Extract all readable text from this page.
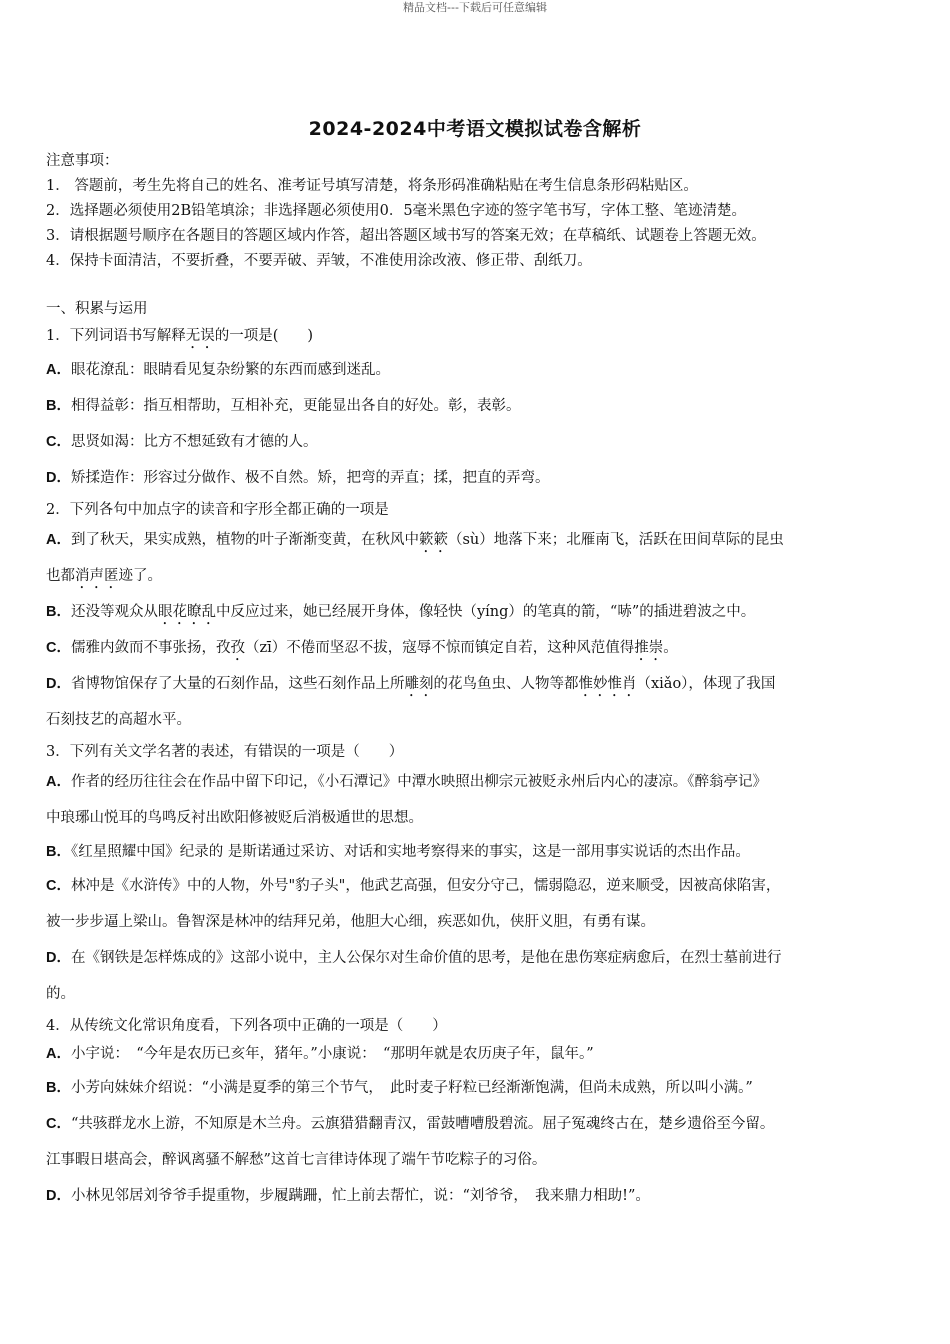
精品文档---下载后可任意编辑
2024-2024中考语文模拟试卷含解析
注意事项：
1． 答题前，考生先将自己的姓名、准考证号填写清楚，将条形码准确粘贴在考生信息条形码粘贴区。
2．选择题必须使用2B铅笔填涂；非选择题必须使用0．5毫米黑色字迹的签字笔书写，字体工整、笔迹清楚。
3．请根据题号顺序在各题目的答题区域内作答，超出答题区域书写的答案无效；在草稿纸、试题卷上答题无效。
4．保持卡面清洁，不要折叠，不要弄破、弄皱，不准使用涂改液、修正带、刮纸刀。
一、积累与运用
1．下列词语书写解释无误的一项是(　　)
A．眼花潦乱：眼睛看见复杂纷繁的东西而感到迷乱。
B．相得益彰：指互相帮助，互相补充，更能显出各自的好处。彰，表彰。
C．思贤如渴：比方不想延致有才德的人。
D．矫揉造作：形容过分做作、极不自然。矫，把弯的弄直；揉，把直的弄弯。
2．下列各句中加点字的读音和字形全都正确的一项是
A．到了秋天，果实成熟，植物的叶子渐渐变黄，在秋风中簌簌（sù）地落下来；北雁南飞，活跃在田间草际的昆虫
也都消声匿迹了。
B．还没等观众从眼花瞭乱中反应过来，她已经展开身体，像轻快（yíng）的笔真的箭，“哧”的插进碧波之中。
C．儒雅内敛而不事张扬，孜孜（zī）不倦而坚忍不拔，寇辱不惊而镇定自若，这种风范值得推崇。
D．省博物馆保存了大量的石刻作品，这些石刻作品上所雕刻的花鸟鱼虫、人物等都惟妙惟肖（xiǎo），体现了我国
石刻技艺的高超水平。
3．下列有关文学名著的表述，有错误的一项是（　　）
A．作者的经历往往会在作品中留下印记，《小石潭记》中潭水映照出柳宗元被贬永州后内心的凄凉。《醉翁亭记》
中琅琊山悦耳的鸟鸣反衬出欧阳修被贬后消极遁世的思想。
B．《红星照耀中国》纪录的 是斯诺通过采访、对话和实地考察得来的事实，这是一部用事实说话的杰出作品。
C．林冲是《水浒传》中的人物，外号"豹子头"，他武艺高强，但安分守己，懦弱隐忍，逆来顺受，因被高俅陷害，
被一步步逼上梁山。鲁智深是林冲的结拜兄弟，他胆大心细，疾恶如仇，侠肝义胆，有勇有谋。
D．在《钢铁是怎样炼成的》这部小说中，主人公保尔对生命价值的思考，是他在患伤寒症病愈后，在烈士墓前进行
的。
4．从传统文化常识角度看，下列各项中正确的一项是（　　）
A．小宇说：　“今年是农历已亥年，猪年。”小康说：　“那明年就是农历庚子年，鼠年。”
B．小芳向妹妹介绍说：“小满是夏季的第三个节气，　此时麦子籽粒已经渐渐饱满，但尚未成熟，所以叫小满。”
C．“共骇群龙水上游，不知原是木兰舟。云旗猎猎翻青汉，雷鼓嘈嘈殷碧流。屈子冤魂终古在，楚乡遗俗至今留。
江事暇日堪高会，醉讽离骚不解愁”这首七言律诗体现了端午节吃粽子的习俗。
D．小林见邻居刘爷爷手提重物，步履蹒跚，忙上前去帮忙，说：“刘爷爷，　我来鼎力相助!”。
